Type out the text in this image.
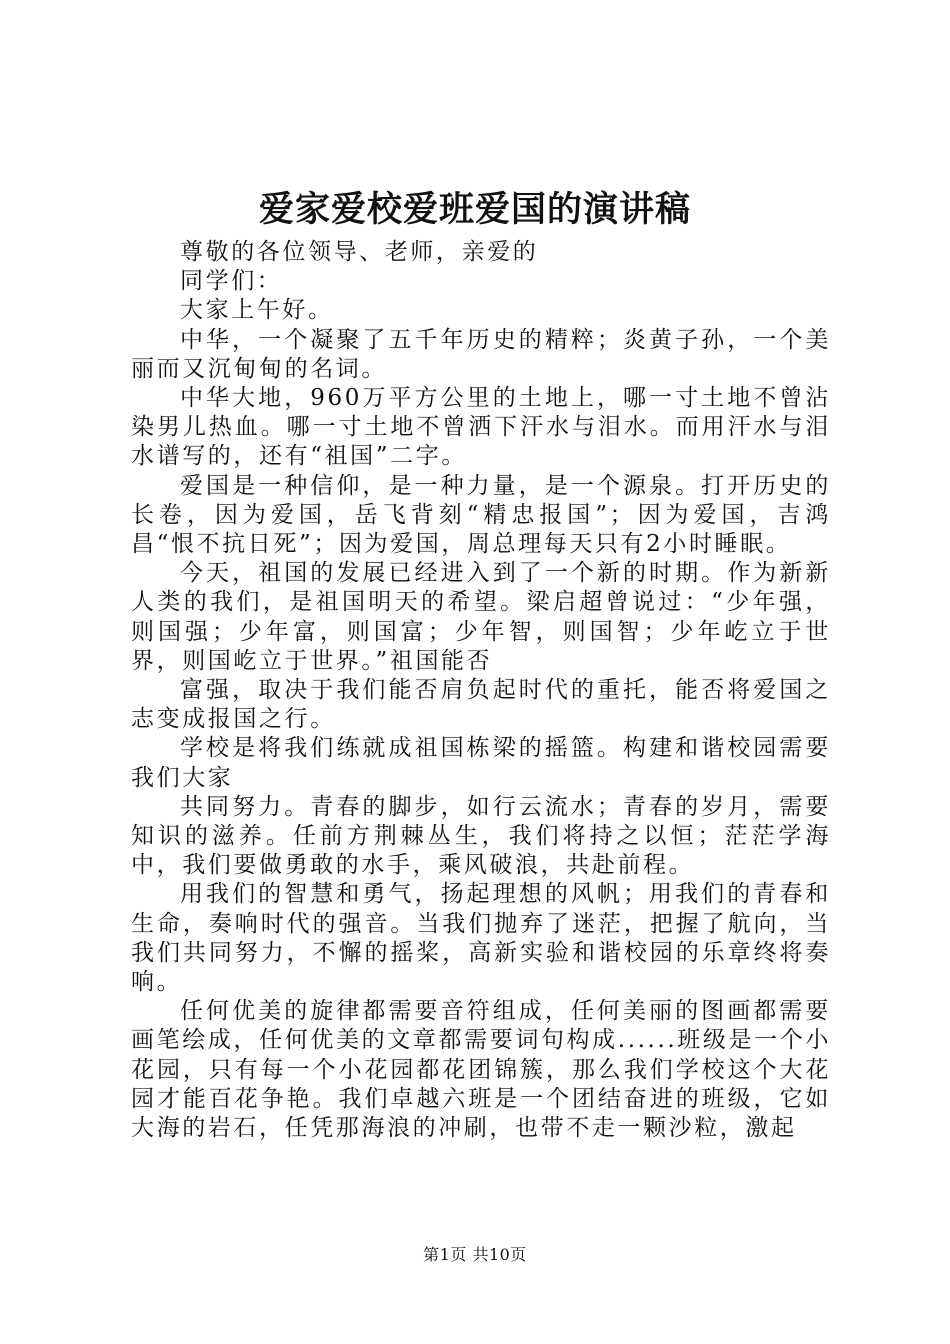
爱家爱校爱班爱国的演讲稿

尊敬的各位领导、老师，亲爱的

同学们：

大家上午好。

中华，一个凝聚了五千年历史的精粹；炎黄子孙，一个美丽而又沉甸甸的名词。

中华大地，960万平方公里的土地上，哪一寸土地不曾沾染男儿热血。哪一寸土地不曾洒下汗水与泪水。而用汗水与泪水谱写的，还有“祖国”二字。

爱国是一种信仰，是一种力量，是一个源泉。打开历史的长卷，因为爱国，岳飞背刻“精忠报国”；因为爱国，吉鸿昌“恨不抗日死”；因为爱国，周总理每天只有2小时睡眠。

今天，祖国的发展已经进入到了一个新的时期。作为新新人类的我们，是祖国明天的希望。梁启超曾说过：“少年强，则国强；少年富，则国富；少年智，则国智；少年屹立于世界，则国屹立于世界。”祖国能否

富强，取决于我们能否肩负起时代的重托，能否将爱国之志变成报国之行。

学校是将我们练就成祖国栋梁的摇篮。构建和谐校园需要我们大家

共同努力。青春的脚步，如行云流水；青春的岁月，需要知识的滋养。任前方荆棘丛生，我们将持之以恒；茫茫学海中，我们要做勇敢的水手，乘风破浪，共赴前程。

用我们的智慧和勇气，扬起理想的风帆；用我们的青春和生命，奏响时代的强音。当我们抛弃了迷茫，把握了航向，当我们共同努力，不懈的摇桨，高新实验和谐校园的乐章终将奏响。

任何优美的旋律都需要音符组成，任何美丽的图画都需要画笔绘成，任何优美的文章都需要词句构成......班级是一个小花园，只有每一个小花园都花团锦簇，那么我们学校这个大花园才能百花争艳。我们卓越六班是一个团结奋进的班级，它如大海的岩石，任凭那海浪的冲刷，也带不走一颗沙粒，激起

第1页 共10页
